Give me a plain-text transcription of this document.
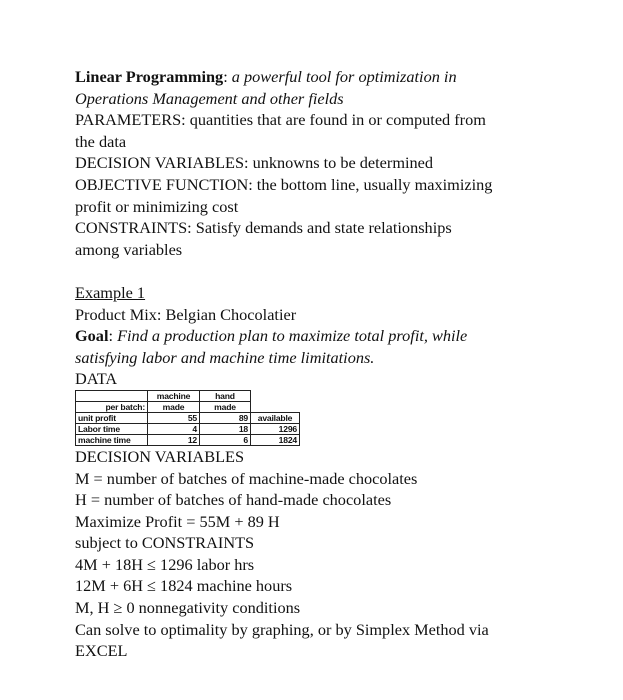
Linear Programming: a powerful tool for optimization in

Operations Management and other fields

PARAMETERS: quantities that are found in or computed from

the data

DECISION VARIABLES: unknowns to be determined

OBJECTIVE FUNCTION: the bottom line, usually maximizing

profit or minimizing cost

CONSTRAINTS: Satisfy demands and state relationships

among variables

Example 1

Product Mix: Belgian Chocolatier

Goal: Find a production plan to maximize total profit, while

satisfying labor and machine time limitations.

DATA

	machine	hand	
per batch:	made	made	
unit profit	55	89	available
Labor time	4	18	1296
machine time	12	6	1824

DECISION VARIABLES

M = number of batches of machine-made chocolates

H = number of batches of hand-made chocolates

Maximize Profit = 55M + 89 H

subject to CONSTRAINTS

4M + 18H ≤ 1296 labor hrs

12M + 6H ≤ 1824 machine hours

M, H ≥ 0 nonnegativity conditions

Can solve to optimality by graphing, or by Simplex Method via

EXCEL
